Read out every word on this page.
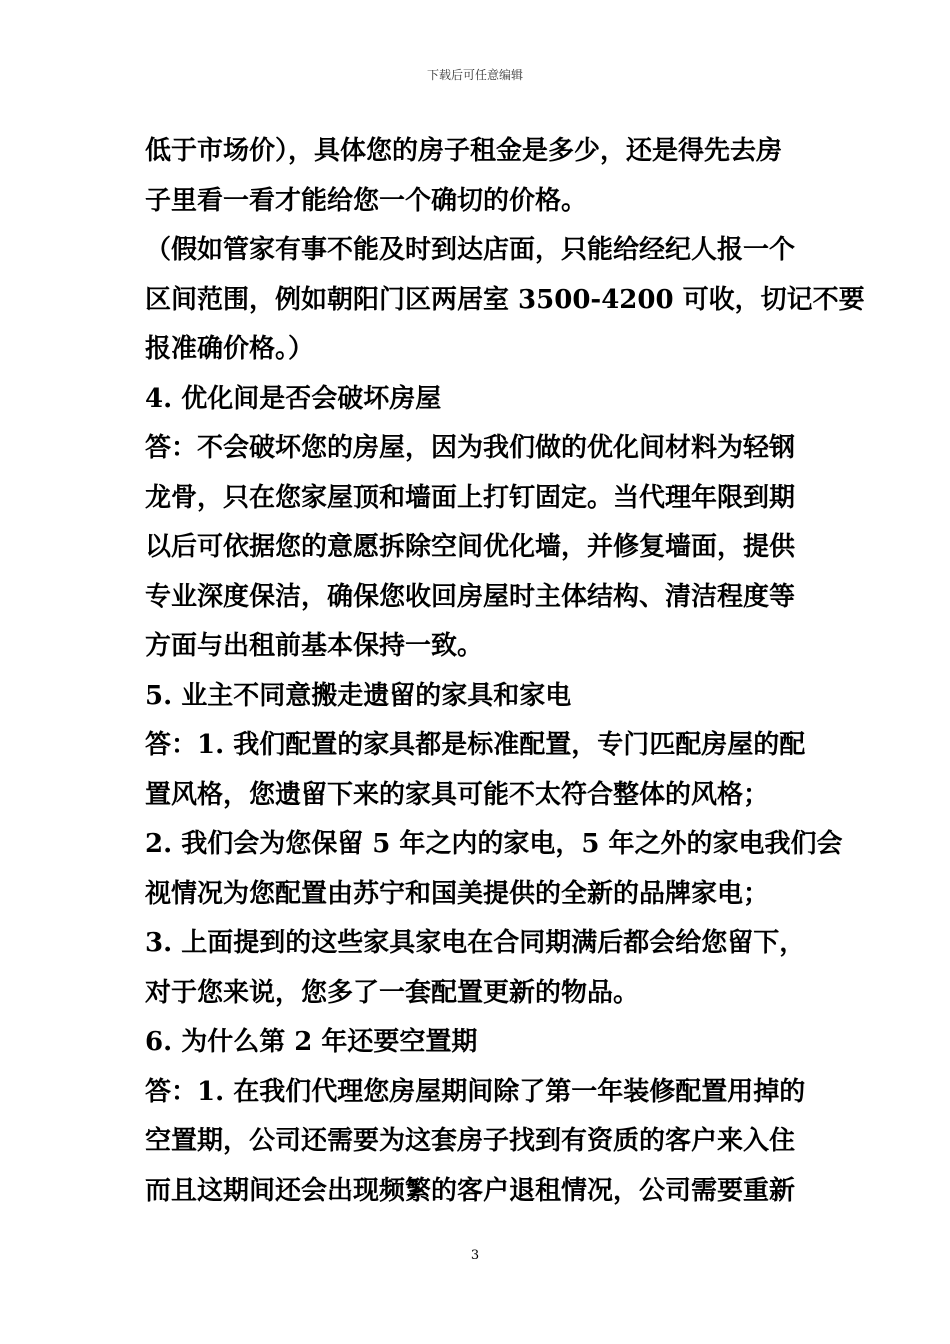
下载后可任意编辑
低于市场价），具体您的房子租金是多少，还是得先去房
子里看一看才能给您一个确切的价格。
（假如管家有事不能及时到达店面，只能给经纪人报一个
区间范围，例如朝阳门区两居室 3500-4200 可收，切记不要
报准确价格。）
4. 优化间是否会破坏房屋
答：不会破坏您的房屋，因为我们做的优化间材料为轻钢
龙骨，只在您家屋顶和墙面上打钉固定。当代理年限到期
以后可依据您的意愿拆除空间优化墙，并修复墙面，提供
专业深度保洁，确保您收回房屋时主体结构、清洁程度等
方面与出租前基本保持一致。
5. 业主不同意搬走遗留的家具和家电
答：1. 我们配置的家具都是标准配置，专门匹配房屋的配
置风格，您遗留下来的家具可能不太符合整体的风格；
2. 我们会为您保留 5 年之内的家电，5 年之外的家电我们会
视情况为您配置由苏宁和国美提供的全新的品牌家电；
3. 上面提到的这些家具家电在合同期满后都会给您留下，
对于您来说，您多了一套配置更新的物品。
6. 为什么第 2 年还要空置期
答：1. 在我们代理您房屋期间除了第一年装修配置用掉的
空置期，公司还需要为这套房子找到有资质的客户来入住
而且这期间还会出现频繁的客户退租情况，公司需要重新
3
